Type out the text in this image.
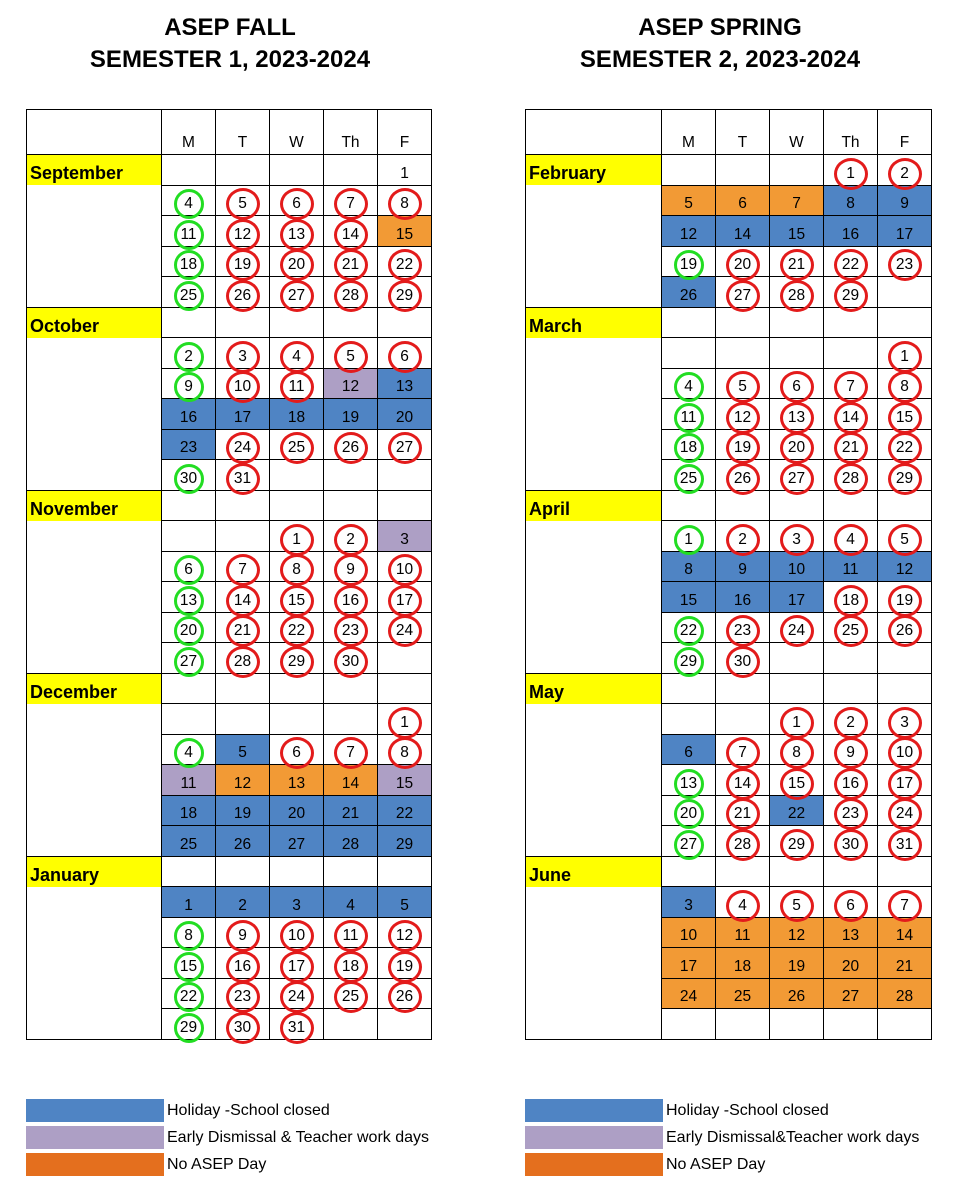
ASEP FALL
SEMESTER 1, 2023-2024
ASEP SPRING
SEMESTER 2, 2023-2024
	M	T	W	Th	F
September					1
	4	5	6	7	8

	11	12	13	14	15
	18	19	20	21	22

	25	26	27	28	29

October					
	2	3	4	5	6

	9	10	11	12	13
	16	17	18	19	20
	23	24	25	26	27

	30	31

November					
			1	2	3
	6	7	8	9	10

	13	14	15	16	17

	20	21	22	23	24

	27	28	29	30

December					
					1

	4	5	6	7	8

	11	12	13	14	15
	18	19	20	21	22
	25	26	27	28	29
January					
	1	2	3	4	5
	8	9	10	11	12

	15	16	17	18	19

	22	23	24	25	26

	29	30	31

	M	T	W	Th	F
February				1	2

	5	6	7	8	9
	12	14	15	16	17
	19	20	21	22	23

	26	27	28	29

March					
					1

	4	5	6	7	8

	11	12	13	14	15

	18	19	20	21	22

	25	26	27	28	29

April					
	1	2	3	4	5

	8	9	10	11	12
	15	16	17	18	19

	22	23	24	25	26

	29	30

May					
			1	2	3

	6	7	8	9	10

	13	14	15	16	17

	20	21	22	23	24

	27	28	29	30	31

June					
	3	4	5	6	7

	10	11	12	13	14
	17	18	19	20	21
	24	25	26	27	28

Holiday -School closed
Early Dismissal & Teacher work days
No ASEP Day
Holiday -School closed
Early Dismissal&Teacher work days
No ASEP Day
